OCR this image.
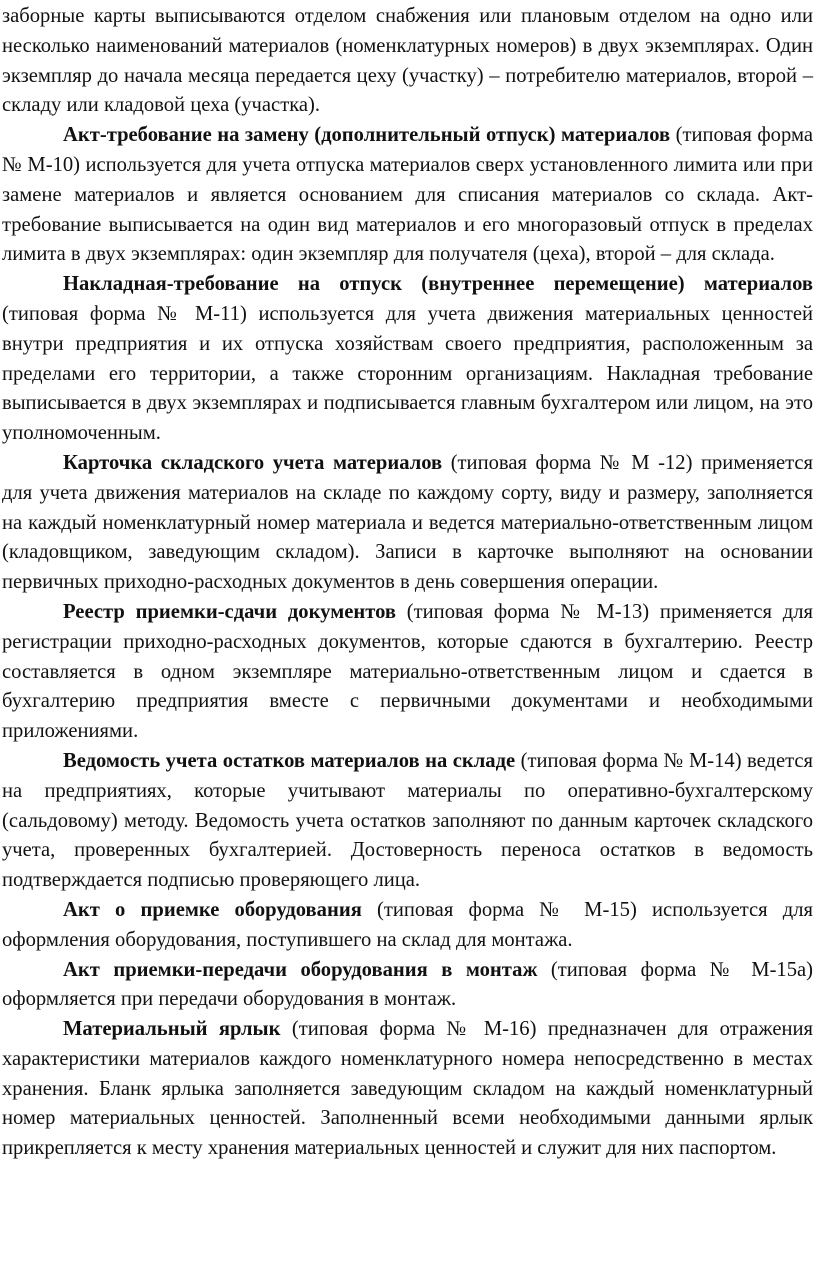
заборные карты выписываются отделом снабжения или плановым отделом на одно или несколько наименований материалов (номенклатурных номеров) в двух экземплярах. Один экземпляр до начала месяца передается цеху (участку) – потребителю материалов, второй – складу или кладовой цеха (участка).

Акт-требование на замену (дополнительный отпуск) материалов (типовая форма № М-10) используется для учета отпуска материалов сверх установленного лимита или при замене материалов и является основанием для списания материалов со склада. Акт-требование выписывается на один вид материалов и его многоразовый отпуск в пределах лимита в двух экземплярах: один экземпляр для получателя (цеха), второй – для склада.

Накладная-требование на отпуск (внутреннее перемещение) материалов (типовая форма № М-11) используется для учета движения материальных ценностей внутри предприятия и их отпуска хозяйствам своего предприятия, расположенным за пределами его территории, а также сторонним организациям. Накладная требование выписывается в двух экземплярах и подписывается главным бухгалтером или лицом, на это уполномоченным.

Карточка складского учета материалов (типовая форма № М -12) применяется для учета движения материалов на складе по каждому сорту, виду и размеру, заполняется на каждый номенклатурный номер материала и ведется материально-ответственным лицом (кладовщиком, заведующим складом). Записи в карточке выполняют на основании первичных приходно-расходных документов в день совершения операции.

Реестр приемки-сдачи документов (типовая форма № М-13) применяется для регистрации приходно-расходных документов, которые сдаются в бухгалтерию. Реестр составляется в одном экземпляре материально-ответственным лицом и сдается в бухгалтерию предприятия вместе с первичными документами и необходимыми приложениями.

Ведомость учета остатков материалов на складе (типовая форма № М-14) ведется на предприятиях, которые учитывают материалы по оперативно-бухгалтерскому (сальдовому) методу. Ведомость учета остатков заполняют по данным карточек складского учета, проверенных бухгалтерией. Достоверность переноса остатков в ведомость подтверждается подписью проверяющего лица.

Акт о приемке оборудования (типовая форма № М-15) используется для оформления оборудования, поступившего на склад для монтажа.

Акт приемки-передачи оборудования в монтаж (типовая форма № М-15а) оформляется при передачи оборудования в монтаж.

Материальный ярлык (типовая форма № М-16) предназначен для отражения характеристики материалов каждого номенклатурного номера непосредственно в местах хранения. Бланк ярлыка заполняется заведующим складом на каждый номенклатурный номер материальных ценностей. Заполненный всеми необходимыми данными ярлык прикрепляется к месту хранения материальных ценностей и служит для них паспортом.
